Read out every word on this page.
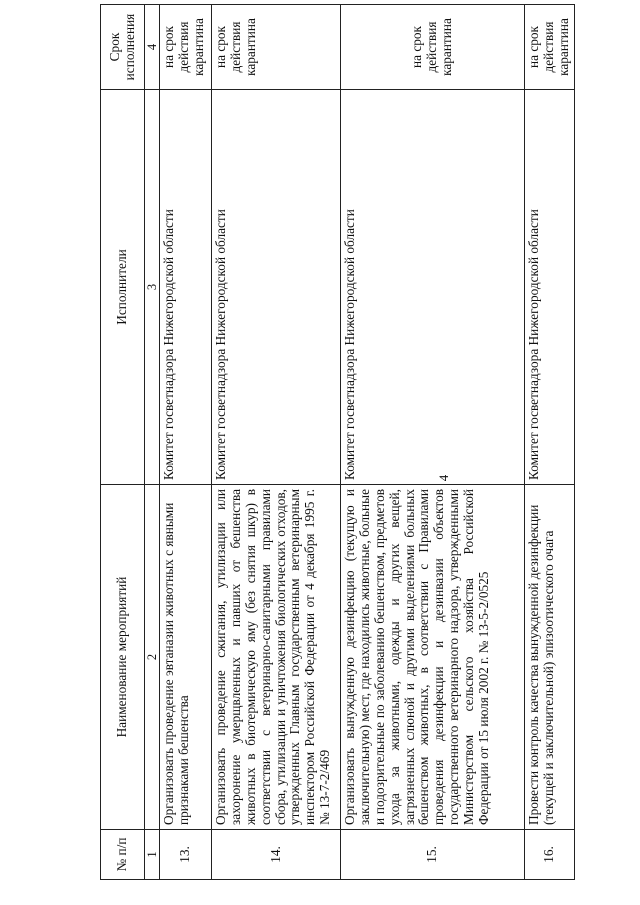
4
№ п/п	Наименование мероприятий	Исполнители	Срок исполнения
1	2	3	4
13.	Организовать проведение эвтаназии животных с явными признаками бешенства	Комитет госветнадзора Нижегородской области	на срок действия карантина
14.	Организовать проведение сжигания, утилизации или захоронение умерщвленных и павших от бешенства животных в биотермическую яму (без снятия шкур) в соответствии с ветеринарно-санитарными правилами сбора, утилизации и уничтожения биологических отходов, утвержденных Главным государственным ветеринарным инспектором Российской Федерации от 4 декабря 1995 г. № 13-7-2/469	Комитет госветнадзора Нижегородской области	на срок действия карантина
15.	Организовать вынужденную дезинфекцию (текущую и заключительную) мест, где находились животные, больные и подозрительные по заболеванию бешенством, предметов ухода за животными, одежды и других вещей, загрязненных слюной и другими выделениями больных бешенством животных, в соответствии с Правилами проведения дезинфекции и дезинвазии объектов государственного ветеринарного надзора, утвержденными Министерством сельского хозяйства Российской Федерации от 15 июля 2002 г. № 13-5-2/0525	Комитет госветнадзора Нижегородской области	на срок действия карантина
16.	Провести контроль качества вынужденной дезинфекции (текущей и заключительной) эпизоотического очага	Комитет госветнадзора Нижегородской области	на срок действия карантина
